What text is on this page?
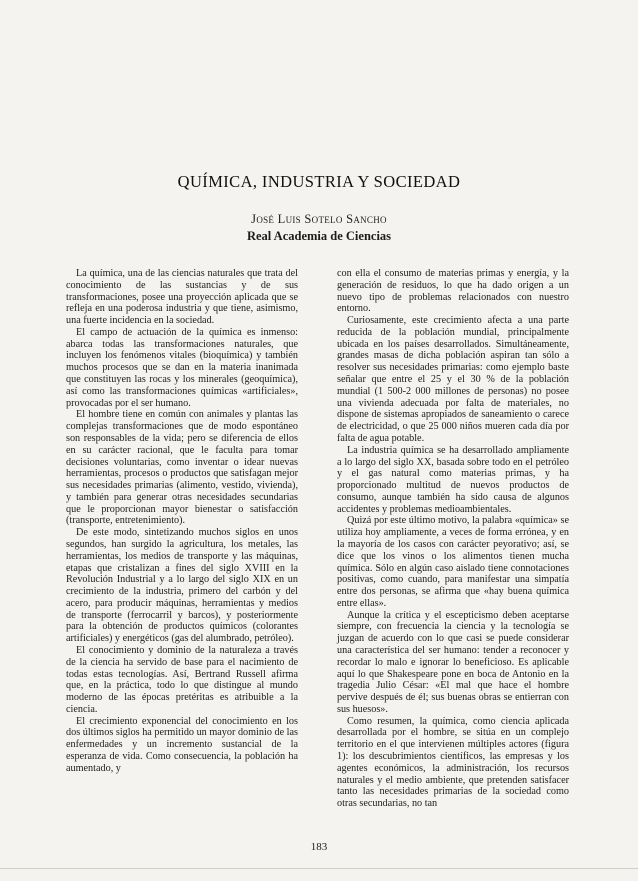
QUÍMICA, INDUSTRIA Y SOCIEDAD
José Luis Sotelo Sancho
Real Academia de Ciencias

La química, una de las ciencias naturales que trata del conocimiento de las sustancias y de sus transformaciones, posee una proyección aplicada que se refleja en una poderosa industria y que tiene, asimismo, una fuerte incidencia en la sociedad.

El campo de actuación de la química es inmenso: abarca todas las transformaciones naturales, que incluyen los fenómenos vitales (bioquímica) y también muchos procesos que se dan en la materia inanimada que constituyen las rocas y los minerales (geoquímica), así como las transformaciones químicas «artificiales», provocadas por el ser humano.

El hombre tiene en común con animales y plantas las complejas transformaciones que de modo espontáneo son responsables de la vida; pero se diferencia de ellos en su carácter racional, que le faculta para tomar decisiones voluntarias, como inventar o idear nuevas herramientas, procesos o productos que satisfagan mejor sus necesidades primarias (alimento, vestido, vivienda), y también para generar otras necesidades secundarias que le proporcionan mayor bienestar o satisfacción (transporte, entretenimiento).

De este modo, sintetizando muchos siglos en unos segundos, han surgido la agricultura, los metales, las herramientas, los medios de transporte y las máquinas, etapas que cristalizan a fines del siglo XVIII en la Revolución Industrial y a lo largo del siglo XIX en un crecimiento de la industria, primero del carbón y del acero, para producir máquinas, herramientas y medios de transporte (ferrocarril y barcos), y posteriormente para la obtención de productos químicos (colorantes artificiales) y energéticos (gas del alumbrado, petróleo).

El conocimiento y dominio de la naturaleza a través de la ciencia ha servido de base para el nacimiento de todas estas tecnologías. Así, Bertrand Russell afirma que, en la práctica, todo lo que distingue al mundo moderno de las épocas pretéritas es atribuible a la ciencia.

El crecimiento exponencial del conocimiento en los dos últimos siglos ha permitido un mayor dominio de las enfermedades y un incremento sustancial de la esperanza de vida. Como consecuencia, la población ha aumentado, y

con ella el consumo de materias primas y energía, y la generación de residuos, lo que ha dado origen a un nuevo tipo de problemas relacionados con nuestro entorno.

Curiosamente, este crecimiento afecta a una parte reducida de la población mundial, principalmente ubicada en los países desarrollados. Simultáneamente, grandes masas de dicha población aspiran tan sólo a resolver sus necesidades primarias: como ejemplo baste señalar que entre el 25 y el 30 % de la población mundial (1 500-2 000 millones de personas) no posee una vivienda adecuada por falta de materiales, no dispone de sistemas apropiados de saneamiento o carece de electricidad, o que 25 000 niños mueren cada día por falta de agua potable.

La industria química se ha desarrollado ampliamente a lo largo del siglo XX, basada sobre todo en el petróleo y el gas natural como materias primas, y ha proporcionado multitud de nuevos productos de consumo, aunque también ha sido causa de algunos accidentes y problemas medioambientales.

Quizá por este último motivo, la palabra «química» se utiliza hoy ampliamente, a veces de forma errónea, y en la mayoría de los casos con carácter peyorativo; así, se dice que los vinos o los alimentos tienen mucha química. Sólo en algún caso aislado tiene connotaciones positivas, como cuando, para manifestar una simpatía entre dos personas, se afirma que «hay buena química entre ellas».

Aunque la crítica y el escepticismo deben aceptarse siempre, con frecuencia la ciencia y la tecnología se juzgan de acuerdo con lo que casi se puede considerar una característica del ser humano: tender a reconocer y recordar lo malo e ignorar lo beneficioso. Es aplicable aquí lo que Shakespeare pone en boca de Antonio en la tragedia Julio César: «El mal que hace el hombre pervive después de él; sus buenas obras se entierran con sus huesos».

Como resumen, la química, como ciencia aplicada desarrollada por el hombre, se sitúa en un complejo territorio en el que intervienen múltiples actores (figura 1): los descubrimientos científicos, las empresas y los agentes económicos, la administración, los recursos naturales y el medio ambiente, que pretenden satisfacer tanto las necesidades primarias de la sociedad como otras secundarias, no tan

183
